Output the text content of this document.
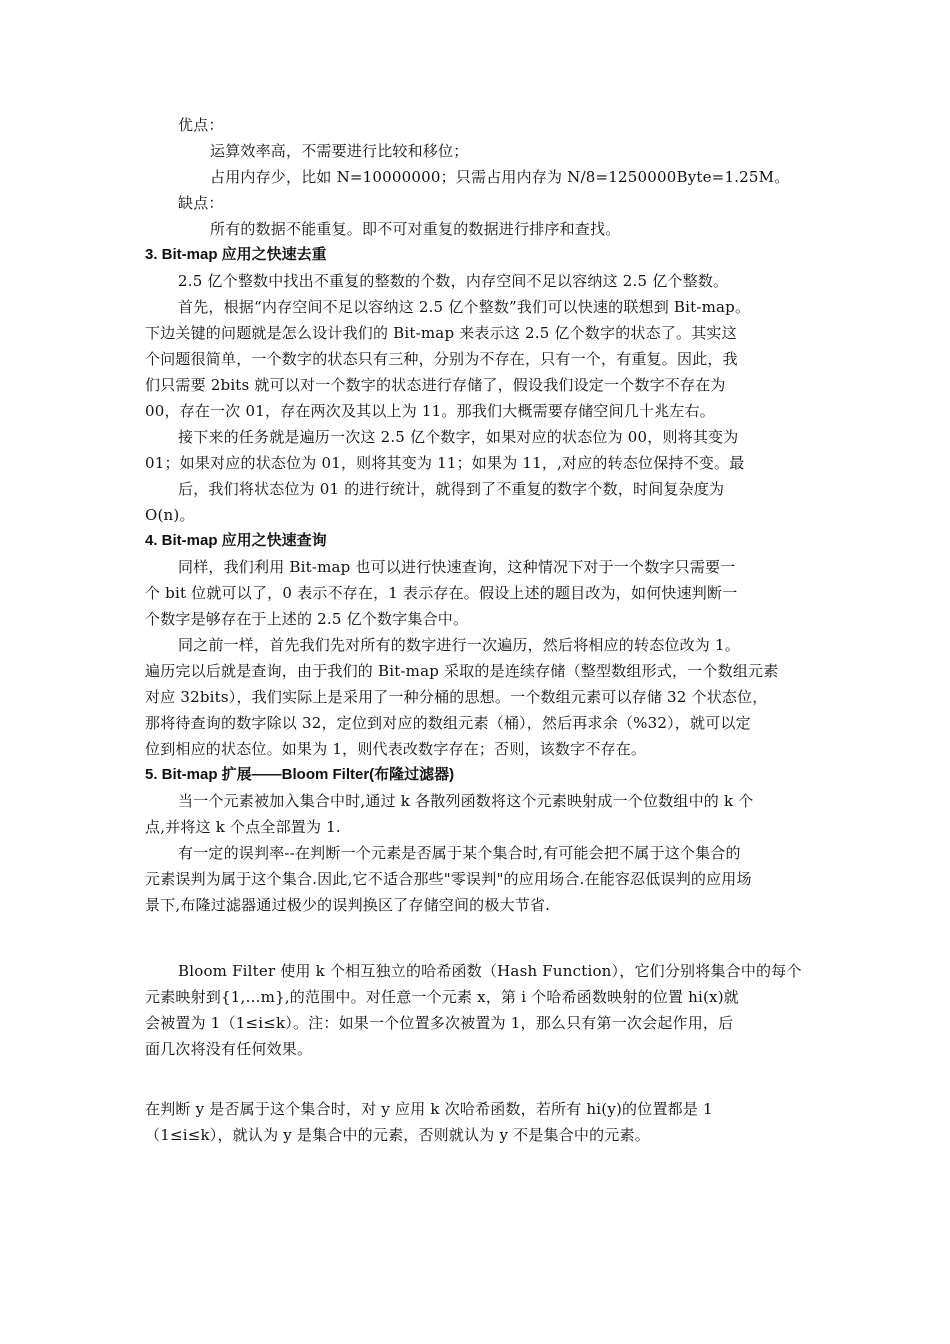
优点：
运算效率高，不需要进行比较和移位；
占用内存少，比如 N=10000000；只需占用内存为 N/8=1250000Byte=1.25M。
缺点：
所有的数据不能重复。即不可对重复的数据进行排序和查找。
3. Bit-map 应用之快速去重
2.5 亿个整数中找出不重复的整数的个数，内存空间不足以容纳这 2.5 亿个整数。
首先，根据“内存空间不足以容纳这 2.5 亿个整数”我们可以快速的联想到 Bit-map。
下边关键的问题就是怎么设计我们的 Bit-map 来表示这 2.5 亿个数字的状态了。其实这
个问题很简单，一个数字的状态只有三种，分别为不存在，只有一个，有重复。因此，我
们只需要 2bits 就可以对一个数字的状态进行存储了，假设我们设定一个数字不存在为
00，存在一次 01，存在两次及其以上为 11。那我们大概需要存储空间几十兆左右。
接下来的任务就是遍历一次这 2.5 亿个数字，如果对应的状态位为 00，则将其变为
01；如果对应的状态位为 01，则将其变为 11；如果为 11，,对应的转态位保持不变。最
后，我们将状态位为 01 的进行统计，就得到了不重复的数字个数，时间复杂度为
O(n)。
4. Bit-map 应用之快速查询
同样，我们利用 Bit-map 也可以进行快速查询，这种情况下对于一个数字只需要一
个 bit 位就可以了，0 表示不存在，1 表示存在。假设上述的题目改为，如何快速判断一
个数字是够存在于上述的 2.5 亿个数字集合中。
同之前一样，首先我们先对所有的数字进行一次遍历，然后将相应的转态位改为 1。
遍历完以后就是查询，由于我们的 Bit-map 采取的是连续存储（整型数组形式，一个数组元素
对应 32bits），我们实际上是采用了一种分桶的思想。一个数组元素可以存储 32 个状态位，
那将待查询的数字除以 32，定位到对应的数组元素（桶），然后再求余（%32），就可以定
位到相应的状态位。如果为 1，则代表改数字存在；否则，该数字不存在。
5. Bit-map 扩展——Bloom Filter(布隆过滤器)
当一个元素被加入集合中时,通过 k 各散列函数将这个元素映射成一个位数组中的 k 个
点,并将这 k 个点全部置为 1.
有一定的误判率--在判断一个元素是否属于某个集合时,有可能会把不属于这个集合的
元素误判为属于这个集合.因此,它不适合那些"零误判"的应用场合.在能容忍低误判的应用场
景下,布隆过滤器通过极少的误判换区了存储空间的极大节省.
Bloom Filter 使用 k 个相互独立的哈希函数（Hash Function），它们分别将集合中的每个
元素映射到{1,…m},的范围中。对任意一个元素 x，第 i 个哈希函数映射的位置 hi(x)就
会被置为 1（1≤i≤k）。注：如果一个位置多次被置为 1，那么只有第一次会起作用，后
面几次将没有任何效果。
在判断 y 是否属于这个集合时，对 y 应用 k 次哈希函数，若所有 hi(y)的位置都是 1
（1≤i≤k），就认为 y 是集合中的元素，否则就认为 y 不是集合中的元素。
